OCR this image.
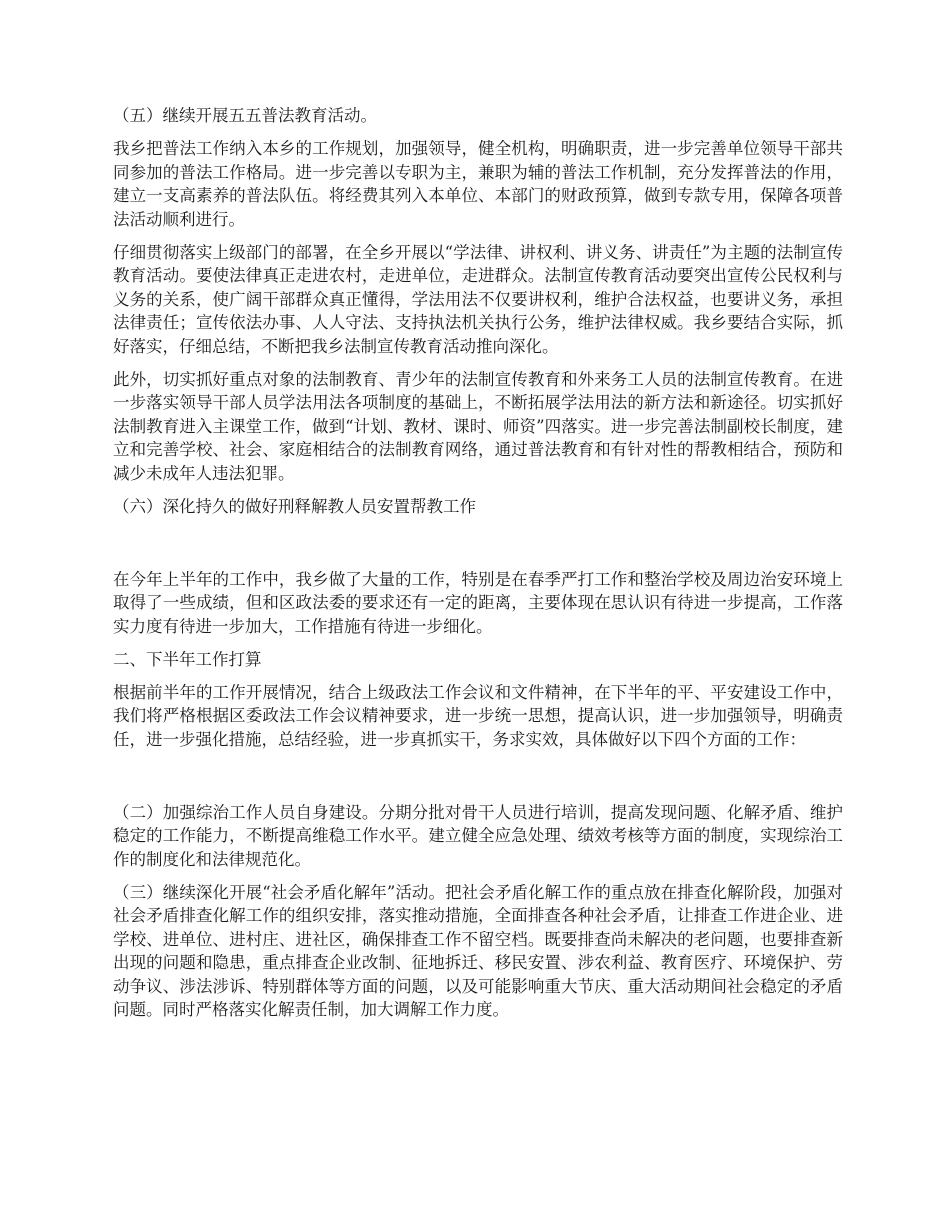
（五）继续开展五五普法教育活动。

我乡把普法工作纳入本乡的工作规划，加强领导，健全机构，明确职责，进一步完善单位领导干部共同参加的普法工作格局。进一步完善以专职为主，兼职为辅的普法工作机制，充分发挥普法的作用，建立一支高素养的普法队伍。将经费其列入本单位、本部门的财政预算，做到专款专用，保障各项普法活动顺利进行。

仔细贯彻落实上级部门的部署，在全乡开展以“学法律、讲权利、讲义务、讲责任”为主题的法制宣传教育活动。要使法律真正走进农村，走进单位，走进群众。法制宣传教育活动要突出宣传公民权利与义务的关系，使广阔干部群众真正懂得，学法用法不仅要讲权利，维护合法权益，也要讲义务，承担法律责任；宣传依法办事、人人守法、支持执法机关执行公务，维护法律权威。我乡要结合实际，抓好落实，仔细总结，不断把我乡法制宣传教育活动推向深化。

此外，切实抓好重点对象的法制教育、青少年的法制宣传教育和外来务工人员的法制宣传教育。在进一步落实领导干部人员学法用法各项制度的基础上，不断拓展学法用法的新方法和新途径。切实抓好法制教育进入主课堂工作，做到“计划、教材、课时、师资”四落实。进一步完善法制副校长制度，建立和完善学校、社会、家庭相结合的法制教育网络，通过普法教育和有针对性的帮教相结合，预防和减少未成年人违法犯罪。

（六）深化持久的做好刑释解教人员安置帮教工作

在今年上半年的工作中，我乡做了大量的工作，特别是在春季严打工作和整治学校及周边治安环境上取得了一些成绩，但和区政法委的要求还有一定的距离，主要体现在思认识有待进一步提高，工作落实力度有待进一步加大，工作措施有待进一步细化。

二、下半年工作打算

根据前半年的工作开展情况，结合上级政法工作会议和文件精神，在下半年的平、平安建设工作中，我们将严格根据区委政法工作会议精神要求，进一步统一思想，提高认识，进一步加强领导，明确责任，进一步强化措施，总结经验，进一步真抓实干，务求实效，具体做好以下四个方面的工作：

（二）加强综治工作人员自身建设。分期分批对骨干人员进行培训，提高发现问题、化解矛盾、维护稳定的工作能力，不断提高维稳工作水平。建立健全应急处理、绩效考核等方面的制度，实现综治工作的制度化和法律规范化。

（三）继续深化开展“社会矛盾化解年”活动。把社会矛盾化解工作的重点放在排查化解阶段，加强对社会矛盾排查化解工作的组织安排，落实推动措施，全面排查各种社会矛盾，让排查工作进企业、进学校、进单位、进村庄、进社区，确保排查工作不留空档。既要排查尚未解决的老问题，也要排查新出现的问题和隐患，重点排查企业改制、征地拆迁、移民安置、涉农利益、教育医疗、环境保护、劳动争议、涉法涉诉、特别群体等方面的问题，以及可能影响重大节庆、重大活动期间社会稳定的矛盾问题。同时严格落实化解责任制，加大调解工作力度。
